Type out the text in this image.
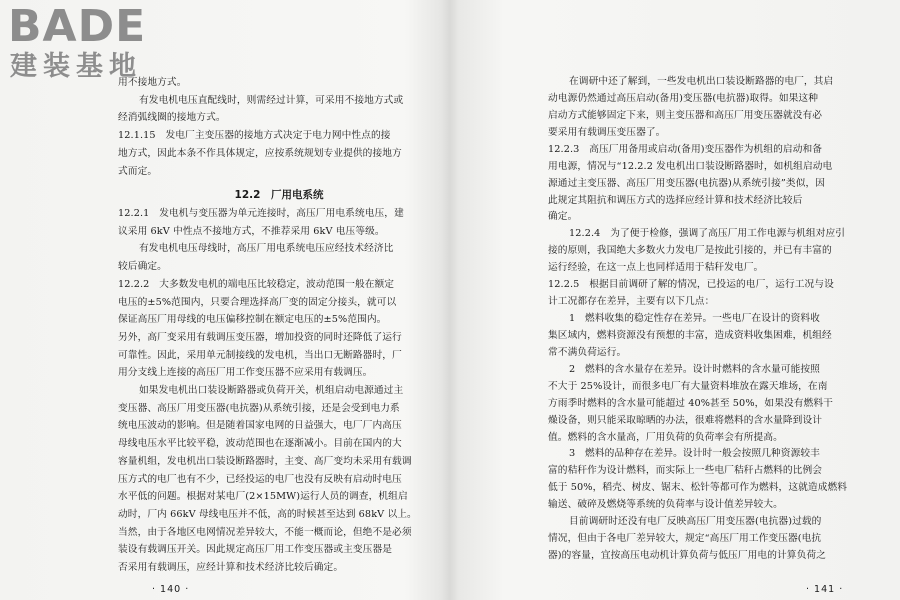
BADE
建装基地
12.2　厂用电系统
· 140 ·
用不接地方式。
有发电机电压直配线时，则需经过计算，可采用不接地方式或
经消弧线圈的接地方式。
12.1.15　发电厂主变压器的接地方式决定于电力网中性点的接
地方式，因此本条不作具体规定，应按系统规划专业提供的接地方
式而定。
12.2.1　发电机与变压器为单元连接时，高压厂用电系统电压，建
议采用 6kV 中性点不接地方式，不推荐采用 6kV 电压等级。
有发电机电压母线时，高压厂用电系统电压应经技术经济比
较后确定。
12.2.2　大多数发电机的端电压比较稳定，波动范围一般在额定
电压的±5%范围内，只要合理选择高厂变的固定分接头，就可以
保证高压厂用母线的电压偏移控制在额定电压的±5%范围内。
另外，高厂变采用有载调压变压器，增加投资的同时还降低了运行
可靠性。因此，采用单元制接线的发电机，当出口无断路器时，厂
用分支线上连接的高压厂用工作变压器不应采用有载调压。
如果发电机出口装设断路器或负荷开关，机组启动电源通过主
变压器、高压厂用变压器(电抗器)从系统引接，还是会受到电力系
统电压波动的影响。但是随着国家电网的日益强大，电厂厂内高压
母线电压水平比较平稳，波动范围也在逐渐减小。目前在国内的大
容量机组，发电机出口装设断路器时，主变、高厂变均未采用有载调
压方式的电厂也有不少，已经投运的电厂也没有反映有启动时电压
水平低的问题。根据对某电厂(2×15MW)运行人员的调查，机组启
动时，厂内 66kV 母线电压并不低，高的时候甚至达到 68kV 以上。
当然，由于各地区电网情况差异较大，不能一概而论，但绝不是必须
装设有载调压开关。因此规定高压厂用工作变压器或主变压器是
否采用有载调压，应经计算和技术经济比较后确定。
· 141 ·
在调研中还了解到，一些发电机出口装设断路器的电厂，其启
动电源仍然通过高压启动(备用)变压器(电抗器)取得。如果这种
启动方式能够固定下来，则主变压器和高压厂用变压器就没有必
要采用有载调压变压器了。
12.2.3　高压厂用备用或启动(备用)变压器作为机组的启动和备
用电源，情况与“12.2.2 发电机出口装设断路器时，如机组启动电
源通过主变压器、高压厂用变压器(电抗器)从系统引接”类似，因
此规定其阻抗和调压方式的选择应经计算和技术经济比较后
确定。
12.2.4　为了便于检修，强调了高压厂用工作电源与机组对应引
接的原则，我国绝大多数火力发电厂是按此引接的，并已有丰富的
运行经验，在这一点上也同样适用于秸秆发电厂。
12.2.5　根据目前调研了解的情况，已投运的电厂，运行工况与设
计工况都存在差异，主要有以下几点：
1　燃料收集的稳定性存在差异。一些电厂在设计的资料收
集区域内，燃料资源没有预想的丰富，造成资料收集困难，机组经
常不满负荷运行。
2　燃料的含水量存在差异。设计时燃料的含水量可能按照
不大于 25%设计，而很多电厂有大量资料堆放在露天堆场，在南
方雨季时燃料的含水量可能超过 40%甚至 50%，如果没有燃料干
燥设备，则只能采取晾晒的办法，很难将燃料的含水量降到设计
值。燃料的含水量高，厂用负荷的负荷率会有所提高。
3　燃料的品种存在差异。设计时一般会按照几种资源较丰
富的秸秆作为设计燃料，而实际上一些电厂秸秆占燃料的比例会
低于 50%，稻壳、树皮、锯末、松针等都可作为燃料，这就造成燃料
输送、破碎及燃烧等系统的负荷率与设计值差异较大。
目前调研时还没有电厂反映高压厂用变压器(电抗器)过载的
情况，但由于各电厂差异较大，规定“高压厂用工作变压器(电抗
器)的容量，宜按高压电动机计算负荷与低压厂用电的计算负荷之
